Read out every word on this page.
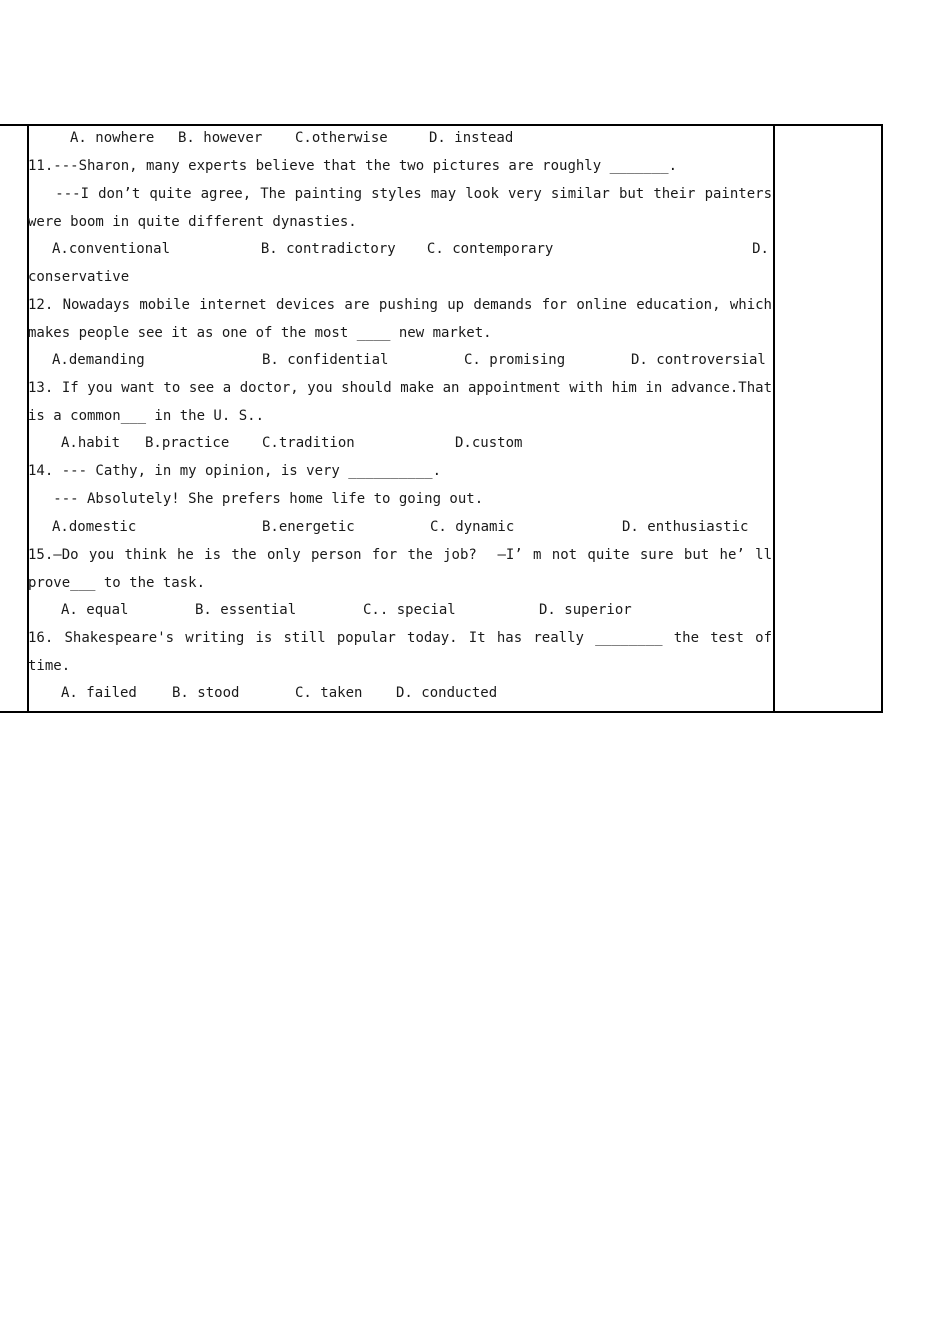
A. nowhere	B. however	C.otherwise	D. instead
11.---Sharon, many experts believe that the two pictures are roughly _______.
---I don’t quite agree, The painting styles may look very similar but their painters
were boom in quite different dynasties.
A.conventional	B. contradictory	C. contemporary	D.
conservative
12. Nowadays mobile internet devices are pushing up demands for online education, which
makes people see it as one of the most ____ new market.
A.demanding	B. confidential	C. promising	D. controversial
13. If you want to see a doctor, you should make an appointment with him in advance.That
is a common___ in the U. S..
A.habit	B.practice	C.tradition	D.custom
14. --- Cathy, in my opinion, is very __________.
--- Absolutely! She prefers home life to going out.
A.domestic	B.energetic	C. dynamic	D. enthusiastic
15.—Do you think he is the only person for the job?  —I’ m not quite sure but he’ ll
prove___ to the task.
A. equal	B. essential	C.. special	D. superior
16. Shakespeare's writing is still popular today. It has really ________ the test of
time.
A. failed	B. stood	C. taken	D. conducted
